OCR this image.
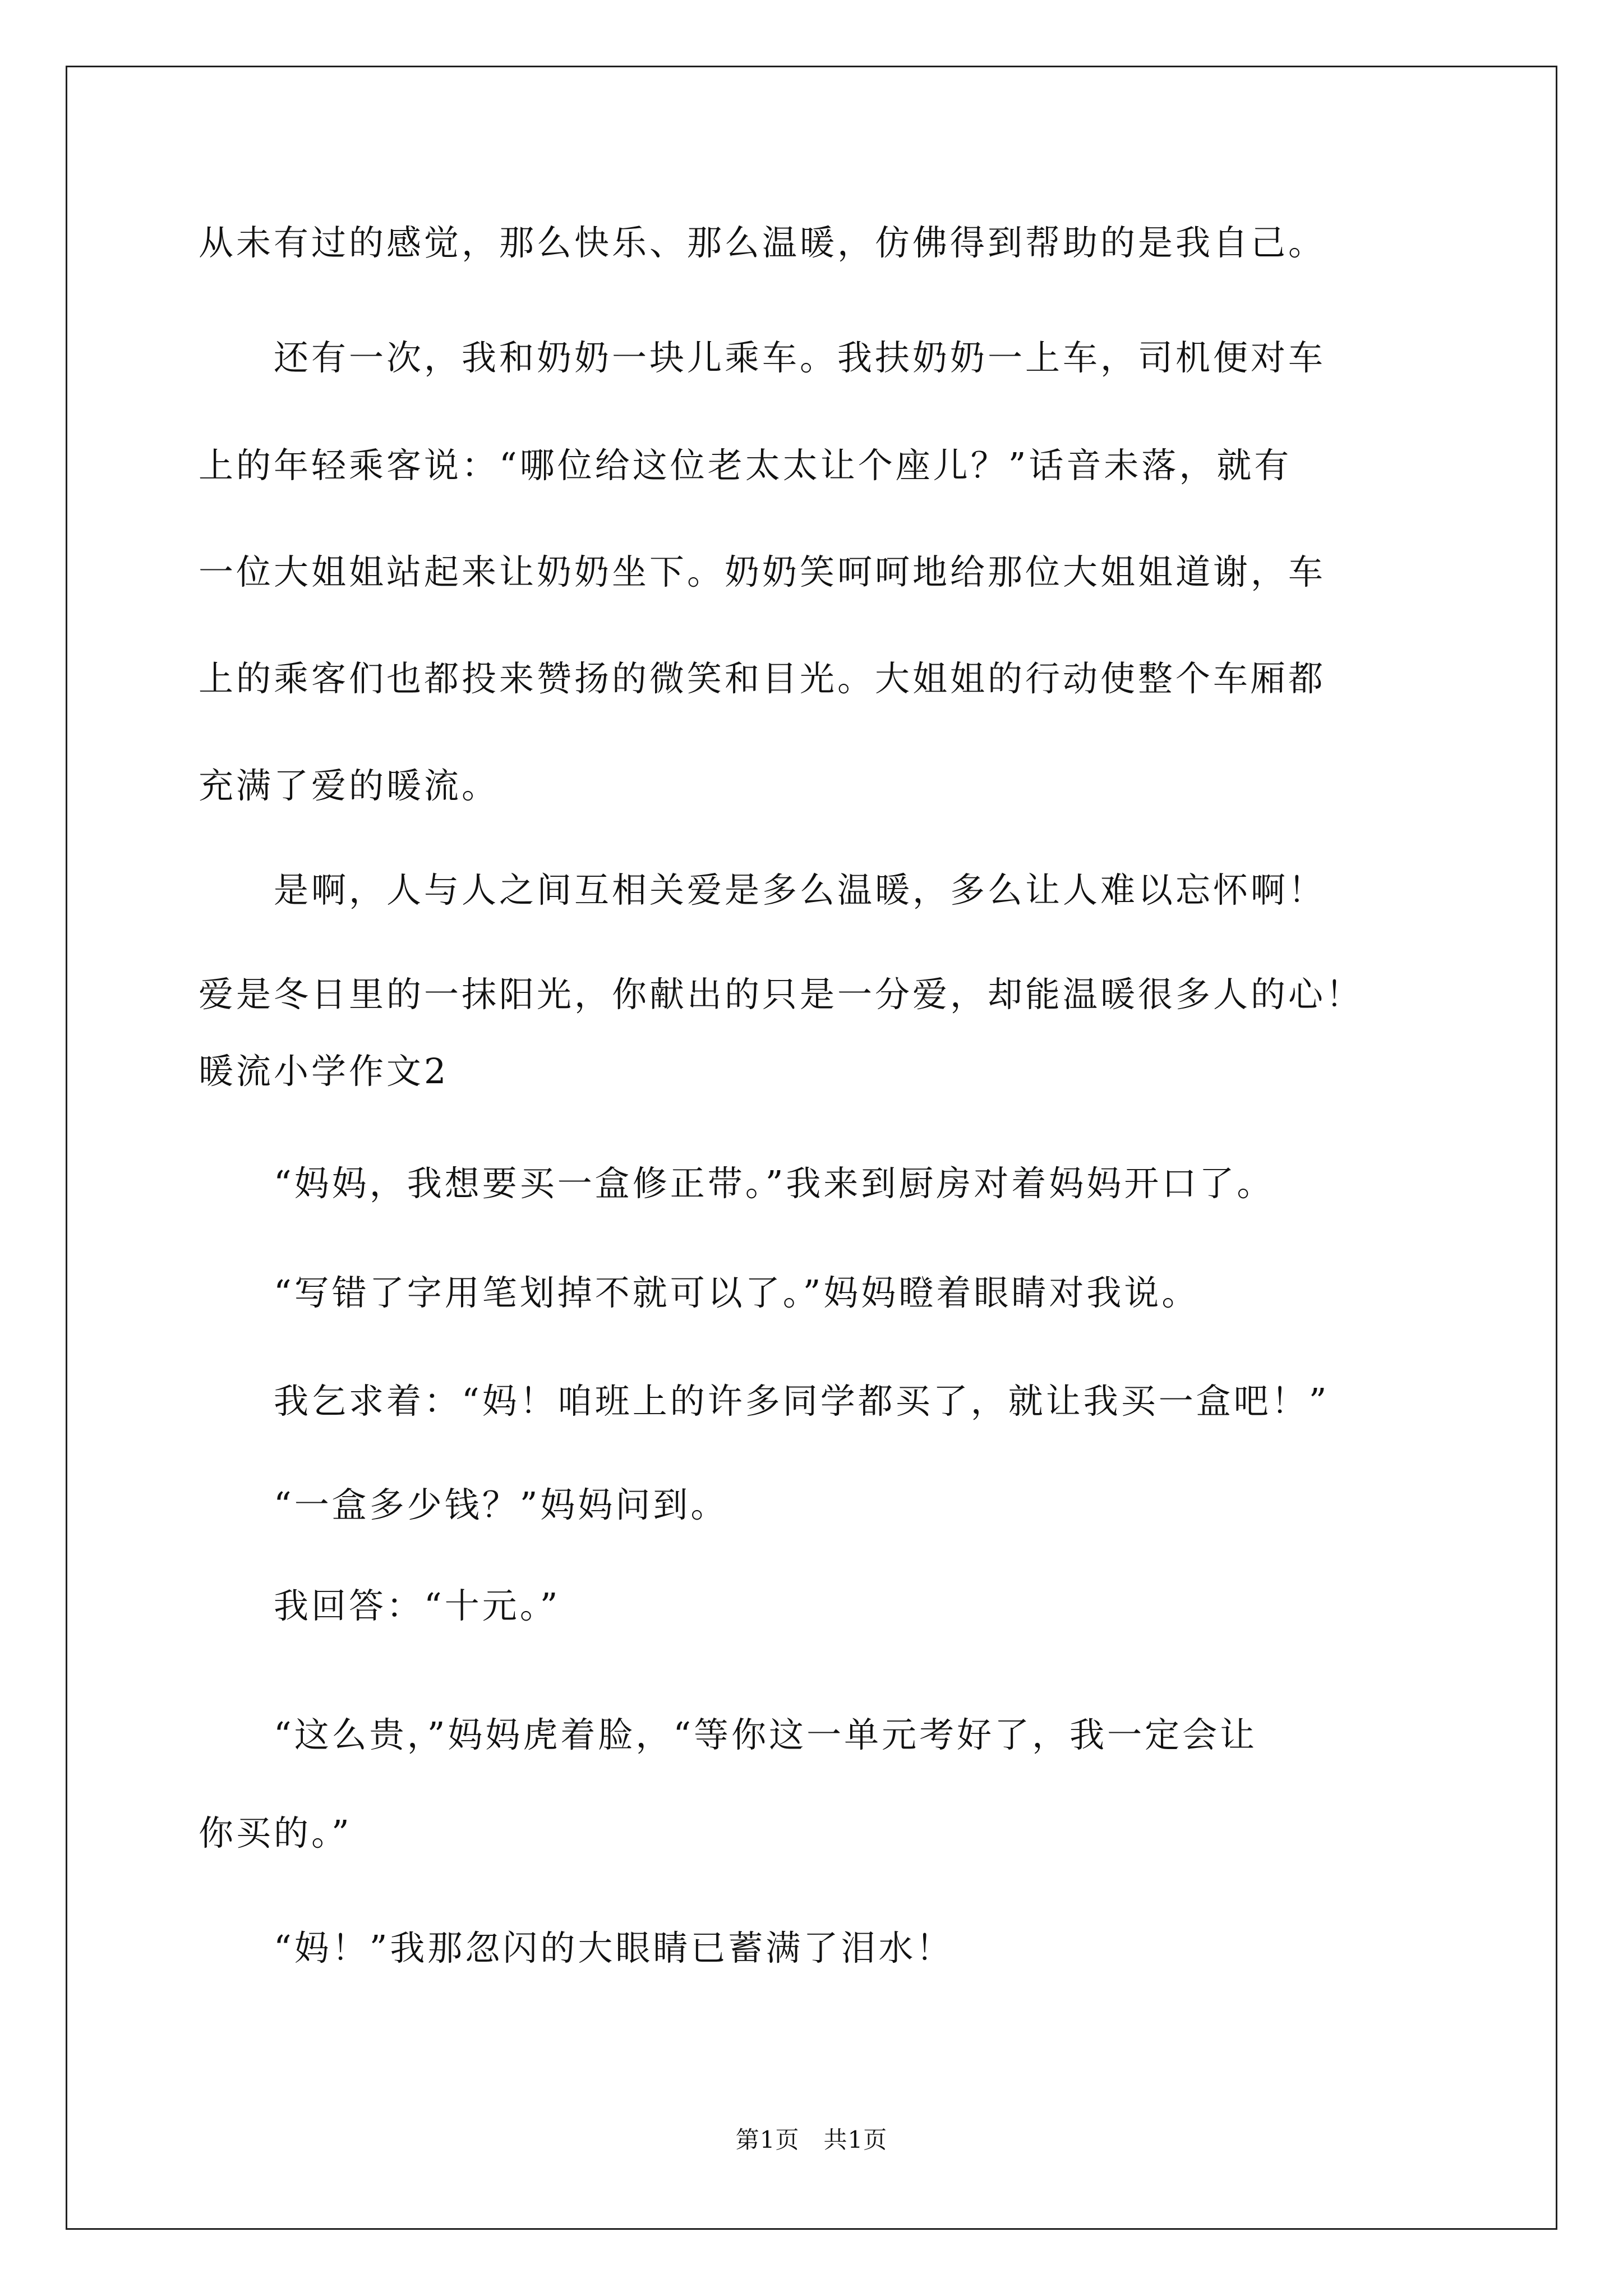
从未有过的感觉，那么快乐、那么温暖，仿佛得到帮助的是我自己。
　　还有一次，我和奶奶一块儿乘车。我扶奶奶一上车，司机便对车
上的年轻乘客说：“哪位给这位老太太让个座儿？”话音未落，就有
一位大姐姐站起来让奶奶坐下。奶奶笑呵呵地给那位大姐姐道谢，车
上的乘客们也都投来赞扬的微笑和目光。大姐姐的行动使整个车厢都
充满了爱的暖流。
　　是啊，人与人之间互相关爱是多么温暖，多么让人难以忘怀啊！
爱是冬日里的一抹阳光，你献出的只是一分爱，却能温暖很多人的心！
暖流小学作文2
　　“妈妈，我想要买一盒修正带。”我来到厨房对着妈妈开口了。
　　“写错了字用笔划掉不就可以了。”妈妈瞪着眼睛对我说。
　　我乞求着：“妈！咱班上的许多同学都买了，就让我买一盒吧！”
　　“一盒多少钱？”妈妈问到。
　　我回答：“十元。”
　　“这么贵，”妈妈虎着脸，“等你这一单元考好了，我一定会让
你买的。”
　　“妈！”我那忽闪的大眼睛已蓄满了泪水！
第1页　共1页
